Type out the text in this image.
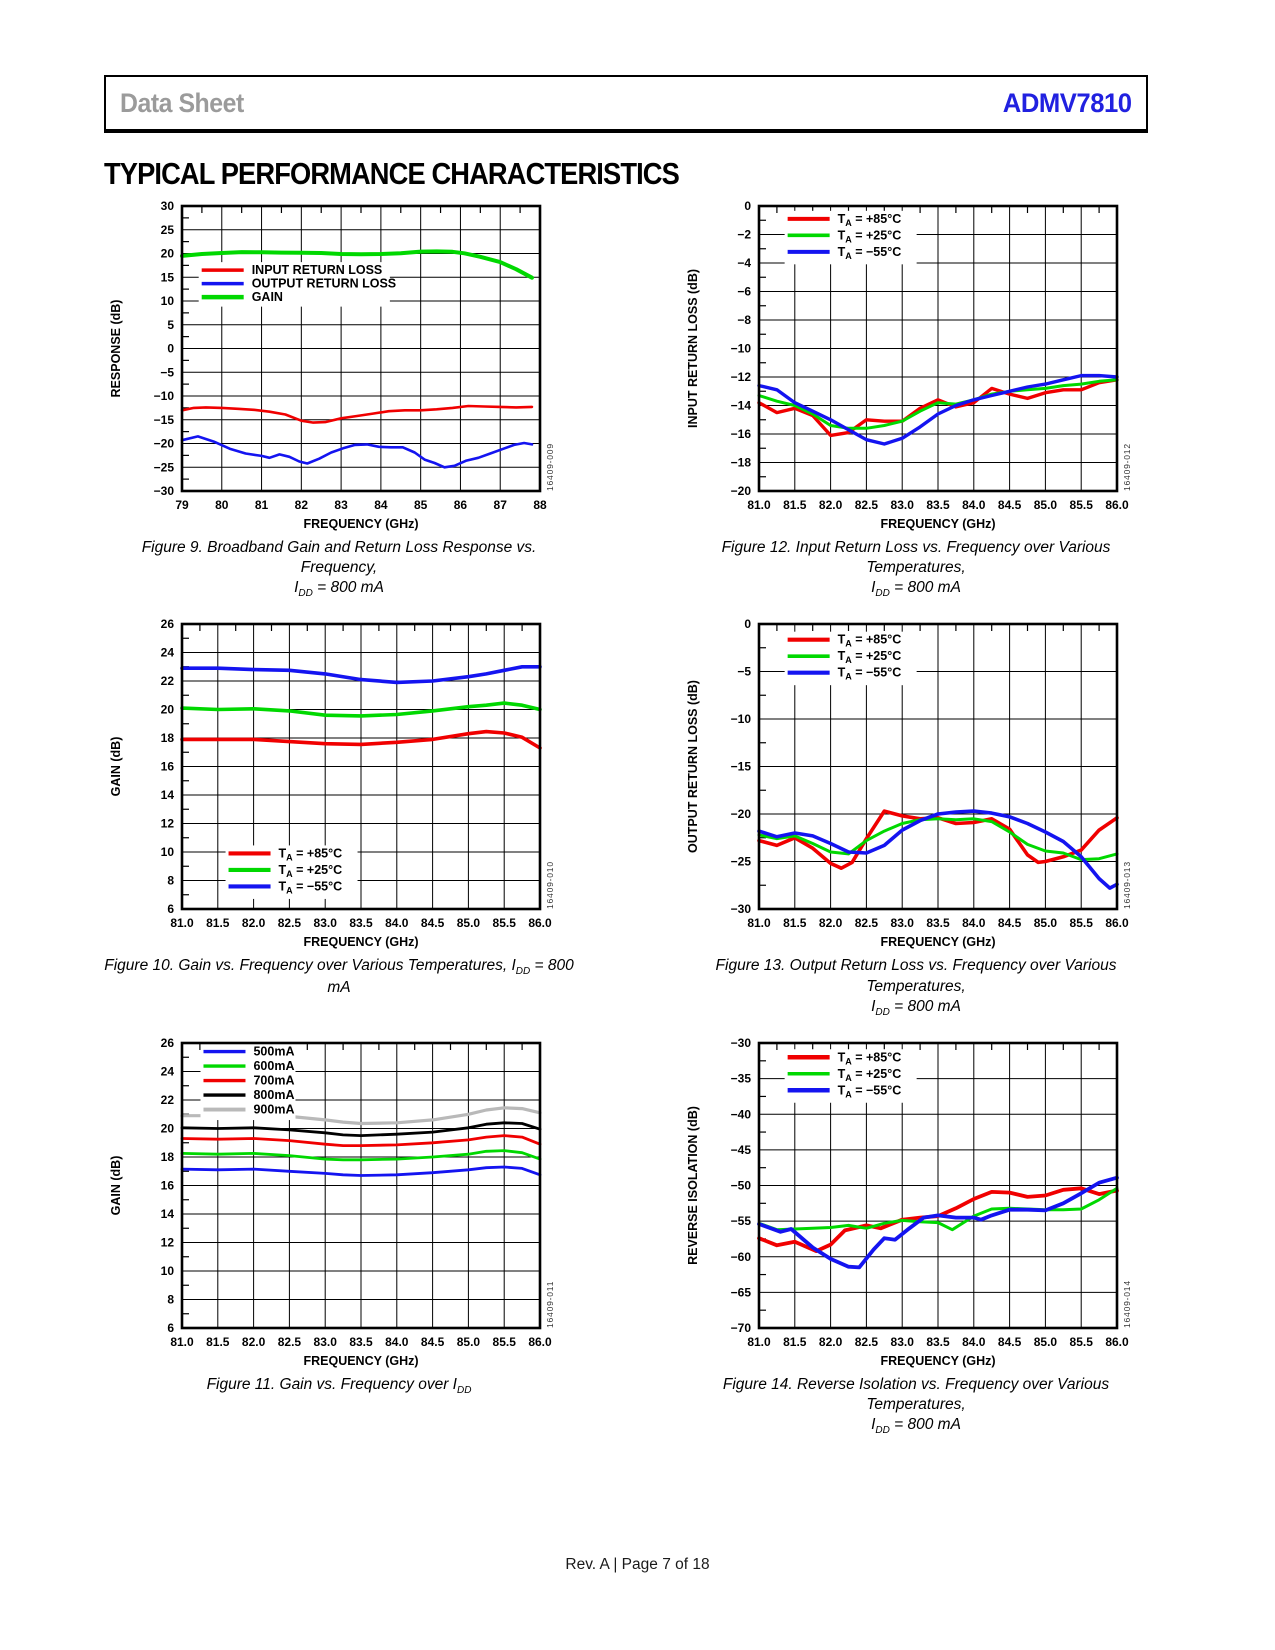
Data Sheet	ADMV7810
TYPICAL PERFORMANCE CHARACTERISTICS
INPUT RETURN LOSS
OUTPUT RETURN LOSS
GAIN
79 80 81 82 83 84 85 86 87 88
30
25
20
15
10
5
0
−5
−10
−15
−20
−25
−30
FREQUENCY (GHz)
RESPONSE (dB)
16409-009
Figure 9. Broadband Gain and Return Loss Response vs. Frequency,
$I_{DD} = 800$ mA
$T_A = +85^\circ C$
$T_A = +25^\circ C$
$T_A = -55^\circ C$
81.0 81.5 82.0 82.5 83.0 83.5 84.0 84.5 85.0 85.5 86.0
0
−2
−4
−6
−8
−10
−12
−14
−16
−18
−20
FREQUENCY (GHz)
INPUT RETURN LOSS (dB)
16409-012
Figure 12. Input Return Loss vs. Frequency over Various Temperatures,
$I_{DD} = 800$ mA
$T_A = +85^\circ C$
$T_A = +25^\circ C$
$T_A = -55^\circ C$
81.0 81.5 82.0 82.5 83.0 83.5 84.0 84.5 85.0 85.5 86.0
26
24
22
20
18
16
14
12
10
8
6
FREQUENCY (GHz)
GAIN (dB)
16409-010
Figure 10. Gain vs. Frequency over Various Temperatures, $I_{DD} = 800$ mA
$T_A = +85^\circ C$
$T_A = +25^\circ C$
$T_A = -55^\circ C$
81.0 81.5 82.0 82.5 83.0 83.5 84.0 84.5 85.0 85.5 86.0
0
−5
−10
−15
−20
−25
−30
FREQUENCY (GHz)
OUTPUT RETURN LOSS (dB)
16409-013
Figure 13. Output Return Loss vs. Frequency over Various Temperatures,
$I_{DD} = 800$ mA
500mA
600mA
700mA
800mA
900mA
81.0 81.5 82.0 82.5 83.0 83.5 84.0 84.5 85.0 85.5 86.0
26
24
22
20
18
16
14
12
10
8
6
FREQUENCY (GHz)
GAIN (dB)
16409-011
Figure 11. Gain vs. Frequency over $I_{DD}$
$T_A = +85^\circ C$
$T_A = +25^\circ C$
$T_A = -55^\circ C$
81.0 81.5 82.0 82.5 83.0 83.5 84.0 84.5 85.0 85.5 86.0
−30
−35
−40
−45
−50
−55
−60
−65
−70
FREQUENCY (GHz)
REVERSE ISOLATION (dB)
16409-014
Figure 14. Reverse Isolation vs. Frequency over Various Temperatures,
$I_{DD} = 800$ mA
Rev. A | Page 7 of 18
